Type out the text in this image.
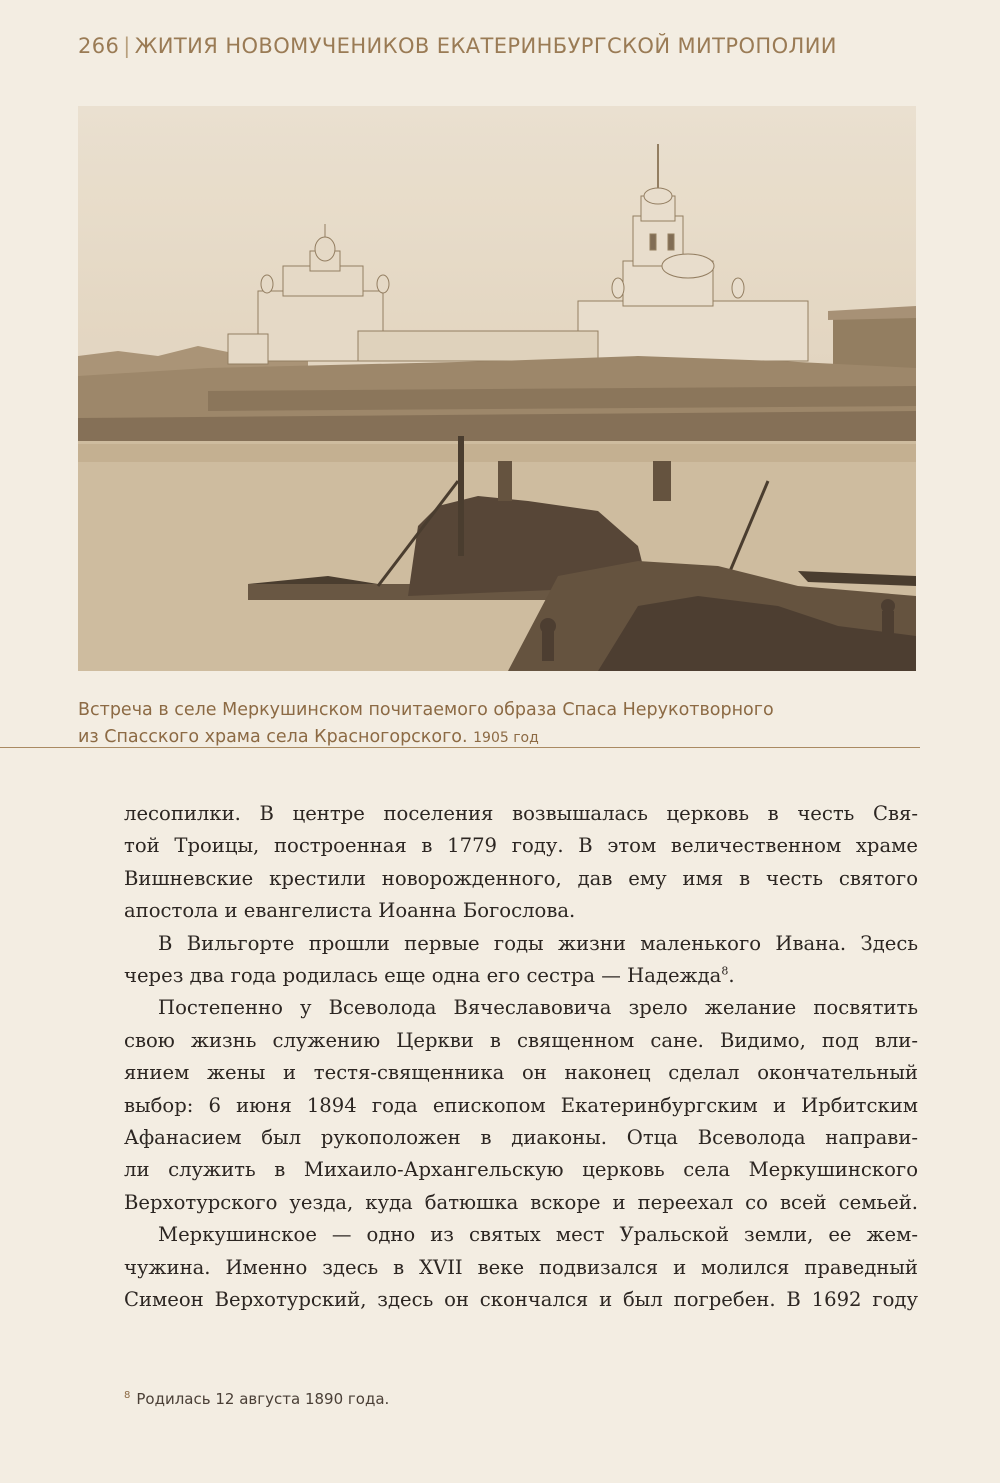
266 | ЖИТИЯ НОВОМУЧЕНИКОВ ЕКАТЕРИНБУРГСКОЙ МИТРОПОЛИИ
Встреча в селе Меркушинском почитаемого образа Спаса Нерукотворного
из Спасского храма села Красногорского. 1905 год
лесопилки. В центре поселения возвышалась церковь в честь Свя-
той Троицы, построенная в 1779 году. В этом величественном храме
Вишневские крестили новорожденного, дав ему имя в честь святого
апостола и евангелиста Иоанна Богослова.
В Вильгорте прошли первые годы жизни маленького Ивана. Здесь
через два года родилась еще одна его сестра — Надежда$^8$.
Постепенно у Всеволода Вячеславовича зрело желание посвятить
свою жизнь служению Церкви в священном сане. Видимо, под вли-
янием жены и тестя-священника он наконец сделал окончательный
выбор: 6 июня 1894 года епископом Екатеринбургским и Ирбитским
Афанасием был рукоположен в диаконы. Отца Всеволода направи-
ли служить в Михаило-Архангельскую церковь села Меркушинского
Верхотурского уезда, куда батюшка вскоре и переехал со всей семьей.
Меркушинское — одно из святых мест Уральской земли, ее жем-
чужина. Именно здесь в XVII веке подвизался и молился праведный
Симеон Верхотурский, здесь он скончался и был погребен. В 1692 году
$^8$ Родилась 12 августа 1890 года.
